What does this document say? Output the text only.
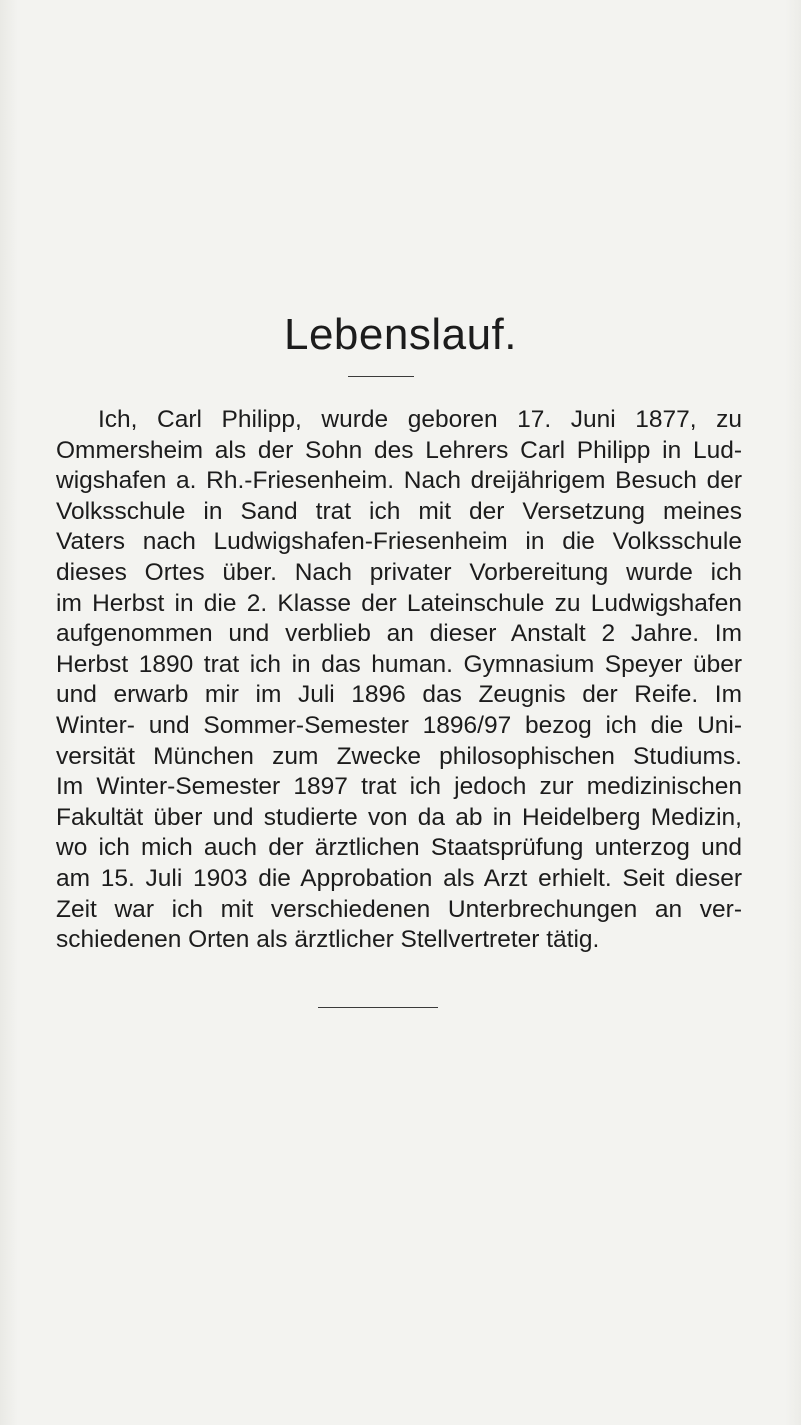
Lebenslauf.
Ich, Carl Philipp, wurde geboren 17. Juni 1877, zu
Ommersheim als der Sohn des Lehrers Carl Philipp in Lud-
wigshafen a. Rh.-Friesenheim. Nach dreijährigem Besuch der
Volksschule in Sand trat ich mit der Versetzung meines
Vaters nach Ludwigshafen-Friesenheim in die Volksschule
dieses Ortes über. Nach privater Vorbereitung wurde ich
im Herbst in die 2. Klasse der Lateinschule zu Ludwigshafen
aufgenommen und verblieb an dieser Anstalt 2 Jahre. Im
Herbst 1890 trat ich in das human. Gymnasium Speyer über
und erwarb mir im Juli 1896 das Zeugnis der Reife. Im
Winter- und Sommer-Semester 1896/97 bezog ich die Uni-
versität München zum Zwecke philosophischen Studiums.
Im Winter-Semester 1897 trat ich jedoch zur medizinischen
Fakultät über und studierte von da ab in Heidelberg Medizin,
wo ich mich auch der ärztlichen Staatsprüfung unterzog und
am 15. Juli 1903 die Approbation als Arzt erhielt. Seit dieser
Zeit war ich mit verschiedenen Unterbrechungen an ver-
schiedenen Orten als ärztlicher Stellvertreter tätig.
